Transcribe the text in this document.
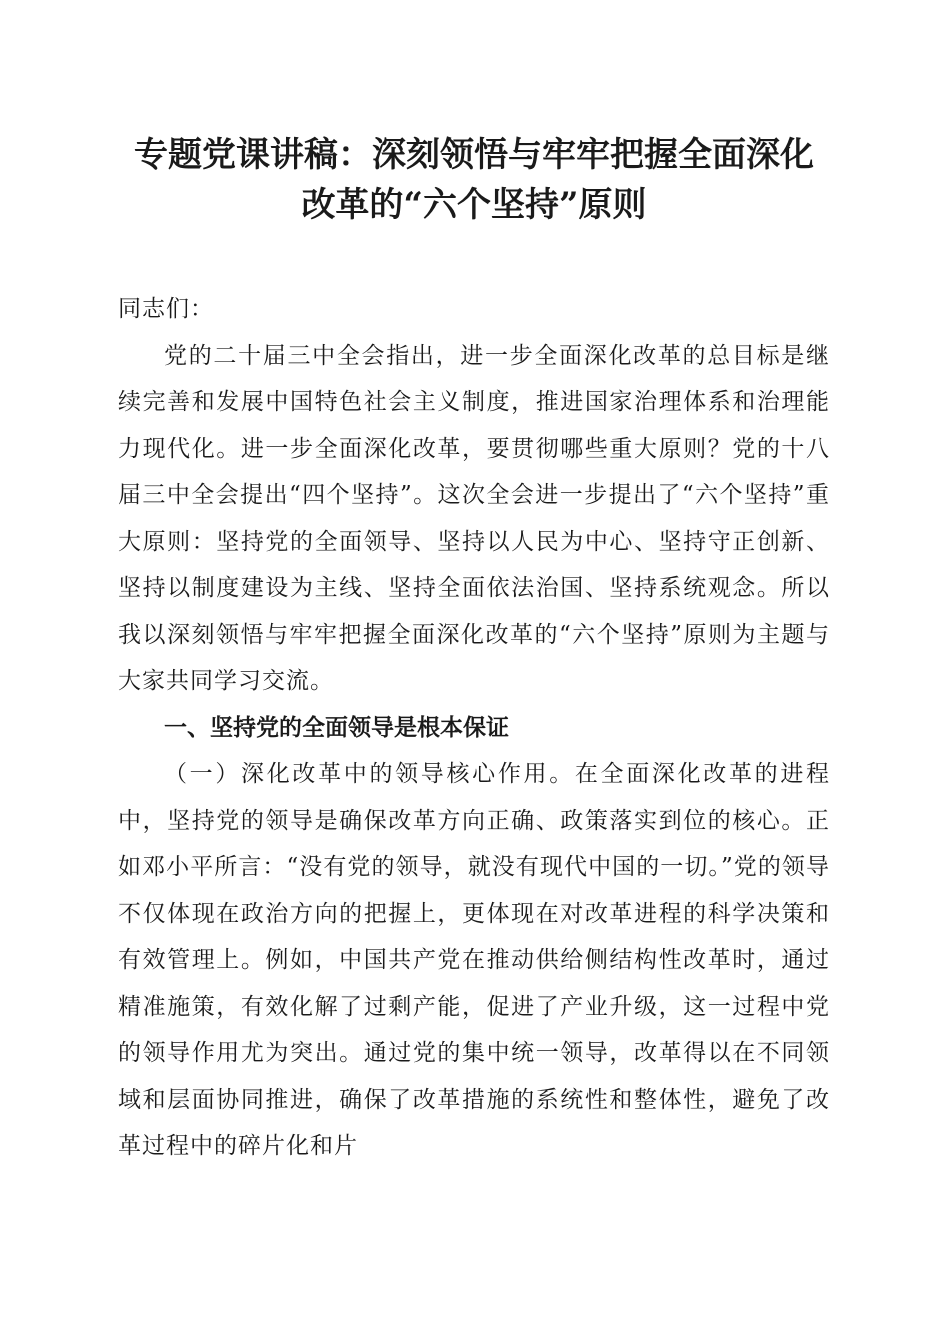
专题党课讲稿：深刻领悟与牢牢把握全面深化
改革的“六个坚持”原则

同志们：

党的二十届三中全会指出，进一步全面深化改革的总目标是继续完善和发展中国特色社会主义制度，推进国家治理体系和治理能力现代化。进一步全面深化改革，要贯彻哪些重大原则？党的十八届三中全会提出“四个坚持”。这次全会进一步提出了“六个坚持”重大原则：坚持党的全面领导、坚持以人民为中心、坚持守正创新、坚持以制度建设为主线、坚持全面依法治国、坚持系统观念。所以我以深刻领悟与牢牢把握全面深化改革的“六个坚持”原则为主题与大家共同学习交流。

一、坚持党的全面领导是根本保证

（一）深化改革中的领导核心作用。在全面深化改革的进程中，坚持党的领导是确保改革方向正确、政策落实到位的核心。正如邓小平所言：“没有党的领导，就没有现代中国的一切。”党的领导不仅体现在政治方向的把握上，更体现在对改革进程的科学决策和有效管理上。例如，中国共产党在推动供给侧结构性改革时，通过精准施策，有效化解了过剩产能，促进了产业升级，这一过程中党的领导作用尤为突出。通过党的集中统一领导，改革得以在不同领域和层面协同推进，确保了改革措施的系统性和整体性，避免了改革过程中的碎片化和片
